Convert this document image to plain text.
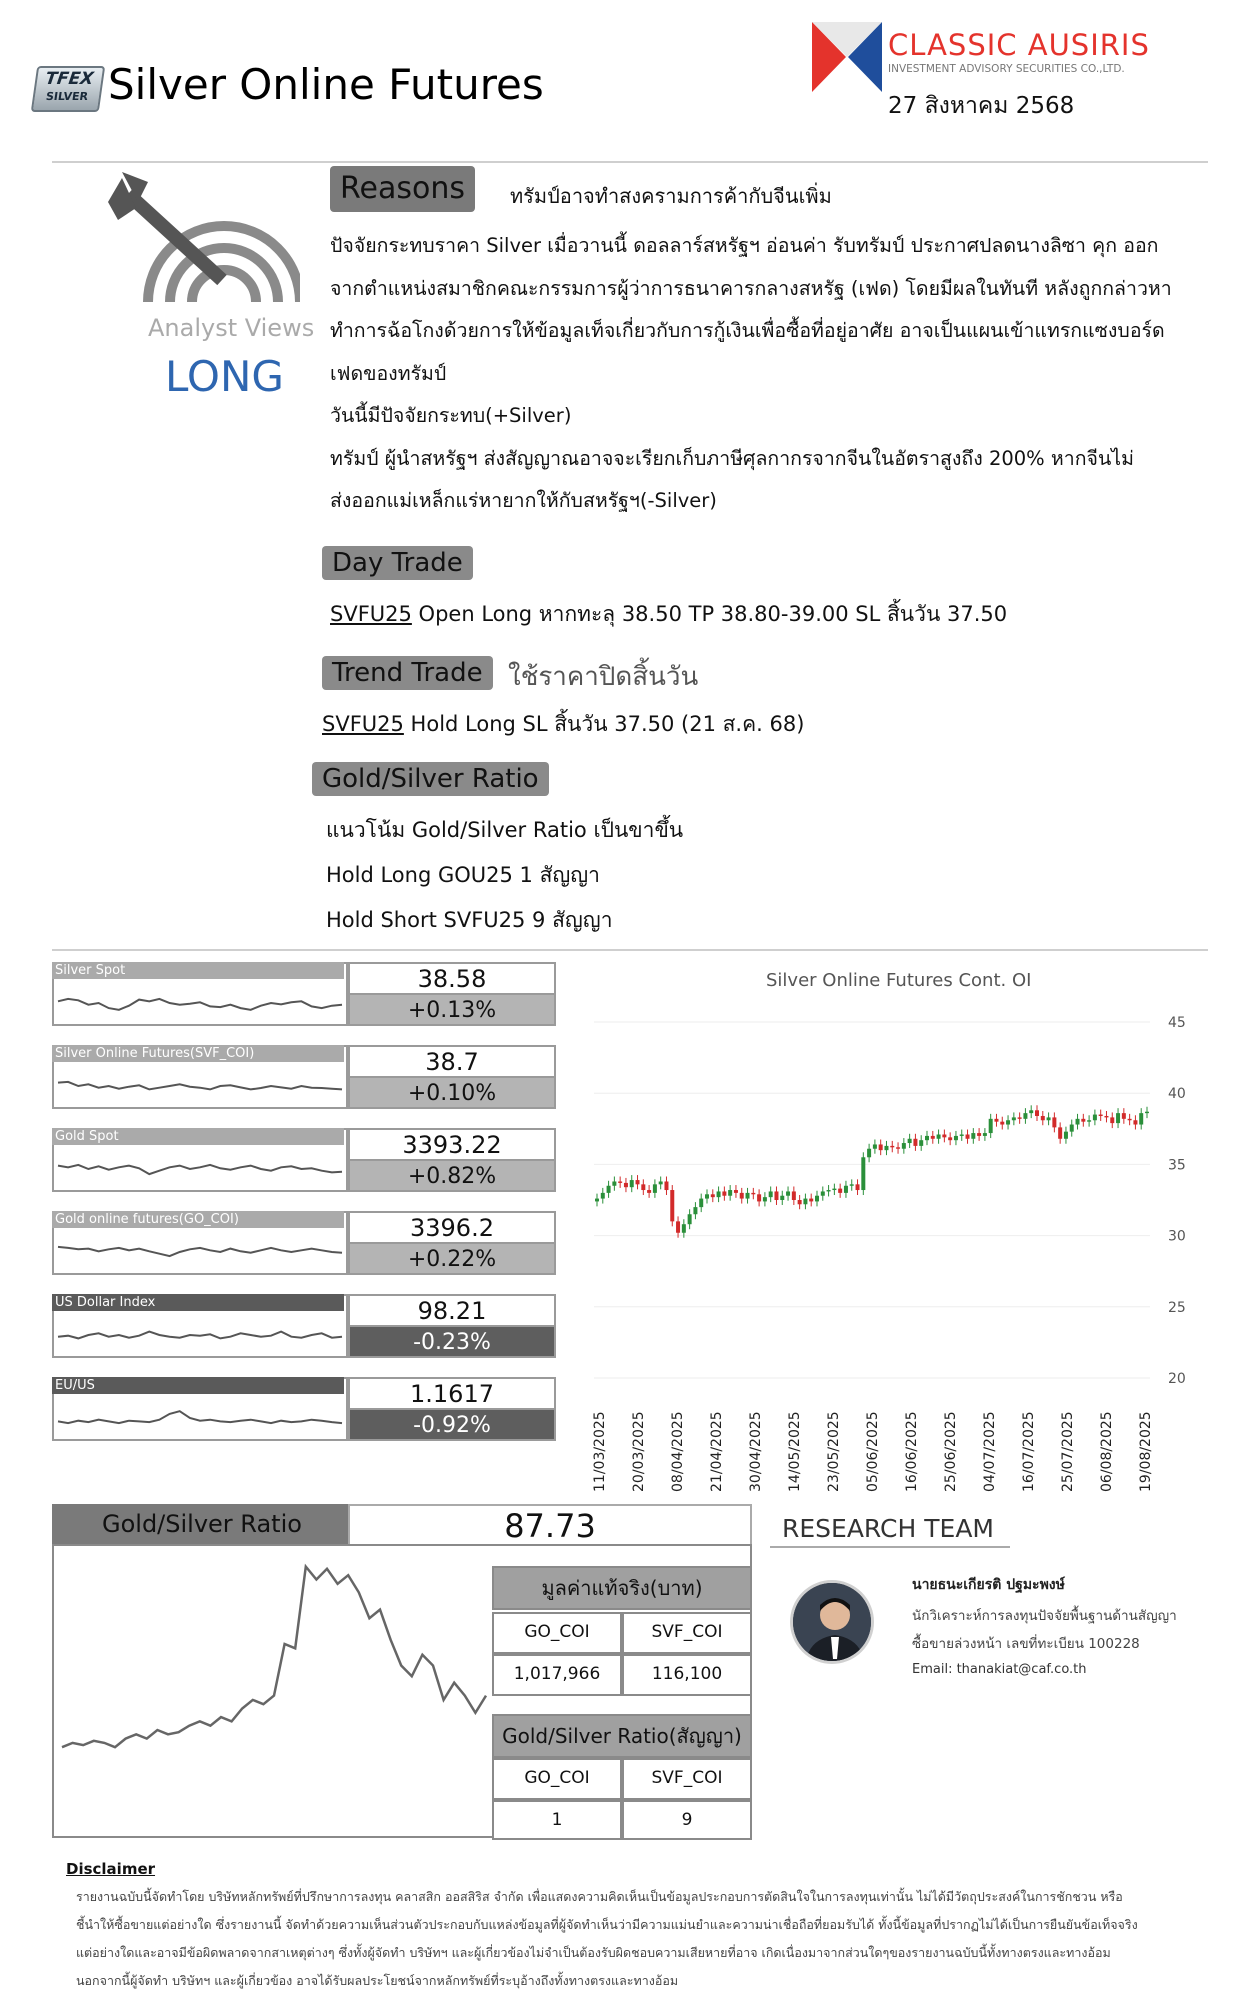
TFEX
SILVER Silver Online Futures
CLASSIC AUSIRIS
INVESTMENT ADVISORY SECURITIES CO.,LTD.
27 สิงหาคม 2568
Analyst Views
LONG
Reasons	ทรัมป์อาจทำสงครามการค้ากับจีนเพิ่ม
ปัจจัยกระทบราคา Silver เมื่อวานนี้ ดอลลาร์สหรัฐฯ อ่อนค่า รับทรัมป์ ประกาศปลดนางลิซา คุก ออก
จากตำแหน่งสมาชิกคณะกรรมการผู้ว่าการธนาคารกลางสหรัฐ (เฟด) โดยมีผลในทันที หลังถูกกล่าวหา
ทำการฉ้อโกงด้วยการให้ข้อมูลเท็จเกี่ยวกับการกู้เงินเพื่อซื้อที่อยู่อาศัย อาจเป็นแผนเข้าแทรกแซงบอร์ด
เฟดของทรัมป์
วันนี้มีปัจจัยกระทบ(+Silver)
ทรัมป์ ผู้นำสหรัฐฯ ส่งสัญญาณอาจจะเรียกเก็บภาษีศุลกากรจากจีนในอัตราสูงถึง 200% หากจีนไม่
ส่งออกแม่เหล็กแร่หายากให้กับสหรัฐฯ(-Silver)
Day Trade
SVFU25 Open Long หากทะลุ 38.50 TP 38.80-39.00 SL สิ้นวัน 37.50
Trend Trade ใช้ราคาปิดสิ้นวัน
SVFU25 Hold Long SL สิ้นวัน 37.50 (21 ส.ค. 68)
Gold/Silver Ratio
แนวโน้ม Gold/Silver Ratio เป็นขาขึ้น
Hold Long GOU25 1 สัญญา
Hold Short SVFU25 9 สัญญา
Silver Spot	38.58
+0.13%
Silver Online Futures(SVF_COI)	38.7
+0.10%
Gold Spot	3393.22
+0.82%
Gold online futures(GO_COI)	3396.2
+0.22%
US Dollar Index	98.21
-0.23%
EU/US	1.1617
-0.92%
Silver Online Futures Cont. OI
45
40
35
30
25
20
11/03/2025 20/03/2025 08/04/2025 21/04/2025 30/04/2025 14/05/2025 23/05/2025 05/06/2025 16/06/2025 25/06/2025 04/07/2025 16/07/2025 25/07/2025 06/08/2025 19/08/2025
Gold/Silver Ratio	87.73
มูลค่าแท้จริง(บาท)
GO_COI	SVF_COI
1,017,966	116,100
Gold/Silver Ratio(สัญญา)
GO_COI	SVF_COI
1	9
RESEARCH TEAM
นายธนะเกียรติ ปฐมะพงษ์
นักวิเคราะห์การลงทุนปัจจัยพื้นฐานด้านสัญญา
ซื้อขายล่วงหน้า เลขที่ทะเบียน 100228
Email: thanakiat@caf.co.th
Disclaimer
รายงานฉบับนี้จัดทำโดย บริษัทหลักทรัพย์ที่ปรึกษาการลงทุน คลาสสิก ออสสิริส จำกัด เพื่อแสดงความคิดเห็นเป็นข้อมูลประกอบการตัดสินใจในการลงทุนเท่านั้น ไม่ได้มีวัตถุประสงค์ในการชักชวน หรือ
ชี้นำให้ซื้อขายแต่อย่างใด ซึ่งรายงานนี้ จัดทำด้วยความเห็นส่วนตัวประกอบกับแหล่งข้อมูลที่ผู้จัดทำเห็นว่ามีความแม่นยำและความน่าเชื่อถือที่ยอมรับได้ ทั้งนี้ข้อมูลที่ปรากฏไม่ได้เป็นการยืนยันข้อเท็จจริง
แต่อย่างใดและอาจมีข้อผิดพลาดจากสาเหตุต่างๆ ซึ่งทั้งผู้จัดทำ บริษัทฯ และผู้เกี่ยวข้องไม่จำเป็นต้องรับผิดชอบความเสียหายที่อาจ เกิดเนื่องมาจากส่วนใดๆของรายงานฉบับนี้ทั้งทางตรงและทางอ้อม
นอกจากนี้ผู้จัดทำ บริษัทฯ และผู้เกี่ยวข้อง อาจได้รับผลประโยชน์จากหลักทรัพย์ที่ระบุอ้างถึงทั้งทางตรงและทางอ้อม
